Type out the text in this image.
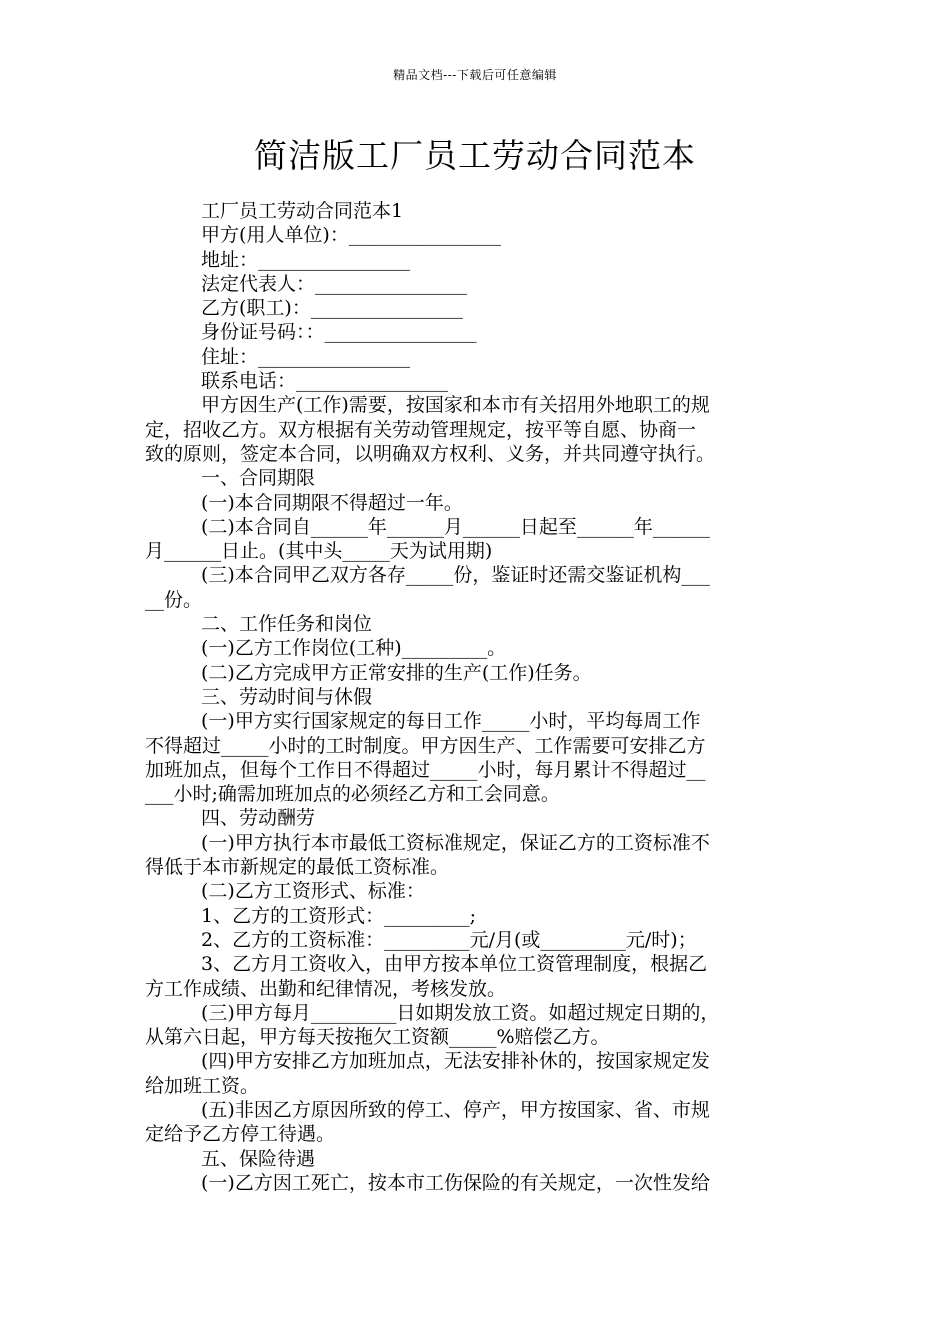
精品文档---下载后可任意编辑
简洁版工厂员工劳动合同范本
工厂员工劳动合同范本1
甲方(用人单位)：________________
地址：________________
法定代表人：________________
乙方(职工)：________________
身份证号码：：________________
住址：________________
联系电话：________________
甲方因生产(工作)需要，按国家和本市有关招用外地职工的规
定，招收乙方。双方根据有关劳动管理规定，按平等自愿、协商一
致的原则，签定本合同，以明确双方权利、义务，并共同遵守执行。
一、合同期限
(一)本合同期限不得超过一年。
(二)本合同自______年______月______日起至______年______
月______日止。(其中头_____天为试用期)
(三)本合同甲乙双方各存_____份，鉴证时还需交鉴证机构___
__份。
二、工作任务和岗位
(一)乙方工作岗位(工种)_________。
(二)乙方完成甲方正常安排的生产(工作)任务。
三、劳动时间与休假
(一)甲方实行国家规定的每日工作_____小时，平均每周工作
不得超过_____小时的工时制度。甲方因生产、工作需要可安排乙方
加班加点，但每个工作日不得超过_____小时，每月累计不得超过__
___小时;确需加班加点的必须经乙方和工会同意。
四、劳动酬劳
(一)甲方执行本市最低工资标准规定，保证乙方的工资标准不
得低于本市新规定的最低工资标准。
(二)乙方工资形式、标准：
1、乙方的工资形式：_________;
2、乙方的工资标准：_________元/月(或_________元/时)；
3、乙方月工资收入，由甲方按本单位工资管理制度，根据乙
方工作成绩、出勤和纪律情况，考核发放。
(三)甲方每月_________日如期发放工资。如超过规定日期的，
从第六日起，甲方每天按拖欠工资额_____%赔偿乙方。
(四)甲方安排乙方加班加点，无法安排补休的，按国家规定发
给加班工资。
(五)非因乙方原因所致的停工、停产，甲方按国家、省、市规
定给予乙方停工待遇。
五、保险待遇
(一)乙方因工死亡，按本市工伤保险的有关规定，一次性发给
